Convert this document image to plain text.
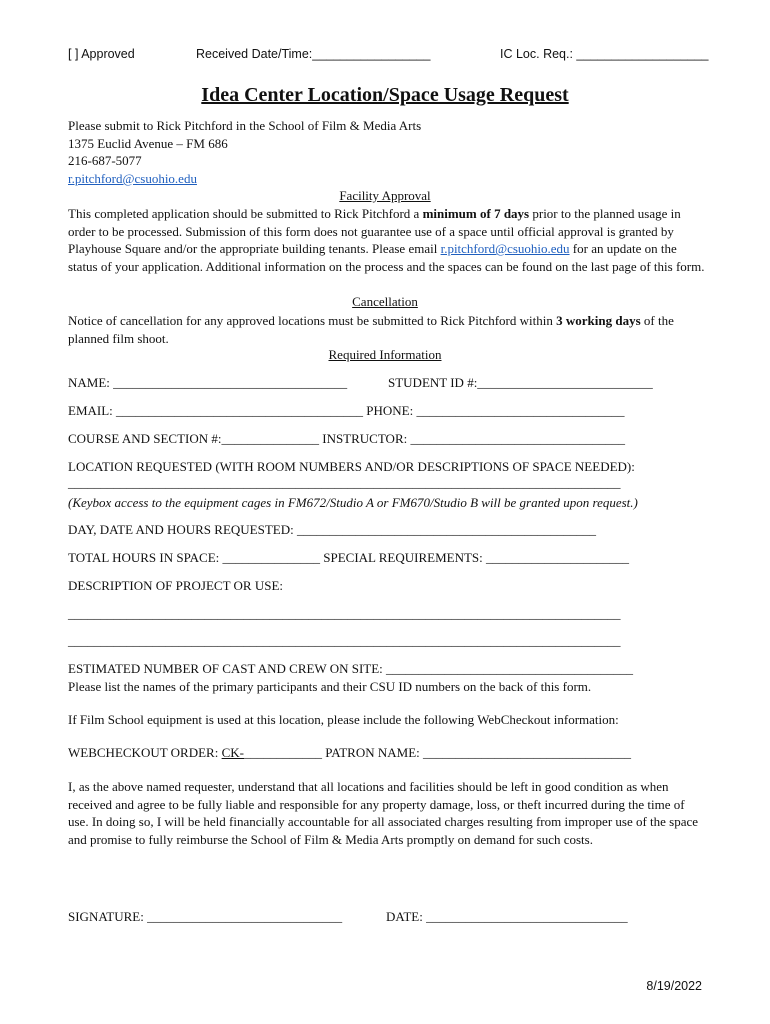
[ ] Approved	Received Date/Time:_________________	IC Loc. Req.: ___________________
Idea Center Location/Space Usage Request

Please submit to Rick Pitchford in the School of Film & Media Arts

1375 Euclid Avenue – FM 686

216-687-5077

r.pitchford@csuohio.edu

Facility Approval
This completed application should be submitted to Rick Pitchford a minimum of 7 days prior to the planned usage in order to be processed. Submission of this form does not guarantee use of a space until official approval is granted by Playhouse Square and/or the appropriate building tenants. Please email r.pitchford@csuohio.edu for an update on the status of your application. Additional information on the process and the spaces can be found on the last page of this form.
Cancellation
Notice of cancellation for any approved locations must be submitted to Rick Pitchford within 3 working days of the planned film shoot.
Required Information
NAME: ____________________________________	STUDENT ID #:___________________________
EMAIL: ______________________________________ PHONE: ________________________________
COURSE AND SECTION #:_______________ INSTRUCTOR: _________________________________
LOCATION REQUESTED (WITH ROOM NUMBERS AND/OR DESCRIPTIONS OF SPACE NEEDED):
_____________________________________________________________________________________
(Keybox access to the equipment cages in FM672/Studio A or FM670/Studio B will be granted upon request.)
DAY, DATE AND HOURS REQUESTED: ______________________________________________
TOTAL HOURS IN SPACE: _______________ SPECIAL REQUIREMENTS: ______________________
DESCRIPTION OF PROJECT OR USE:
_____________________________________________________________________________________
_____________________________________________________________________________________
ESTIMATED NUMBER OF CAST AND CREW ON SITE: ______________________________________
Please list the names of the primary participants and their CSU ID numbers on the back of this form.
If Film School equipment is used at this location, please include the following WebCheckout information:
WEBCHECKOUT ORDER: CK-____________ PATRON NAME: ________________________________
I, as the above named requester, understand that all locations and facilities should be left in good condition as when received and agree to be fully liable and responsible for any property damage, loss, or theft incurred during the time of use. In doing so, I will be held financially accountable for all associated charges resulting from improper use of the space and promise to fully reimburse the School of Film & Media Arts promptly on demand for such costs.
SIGNATURE: ______________________________	DATE: _______________________________
8/19/2022
